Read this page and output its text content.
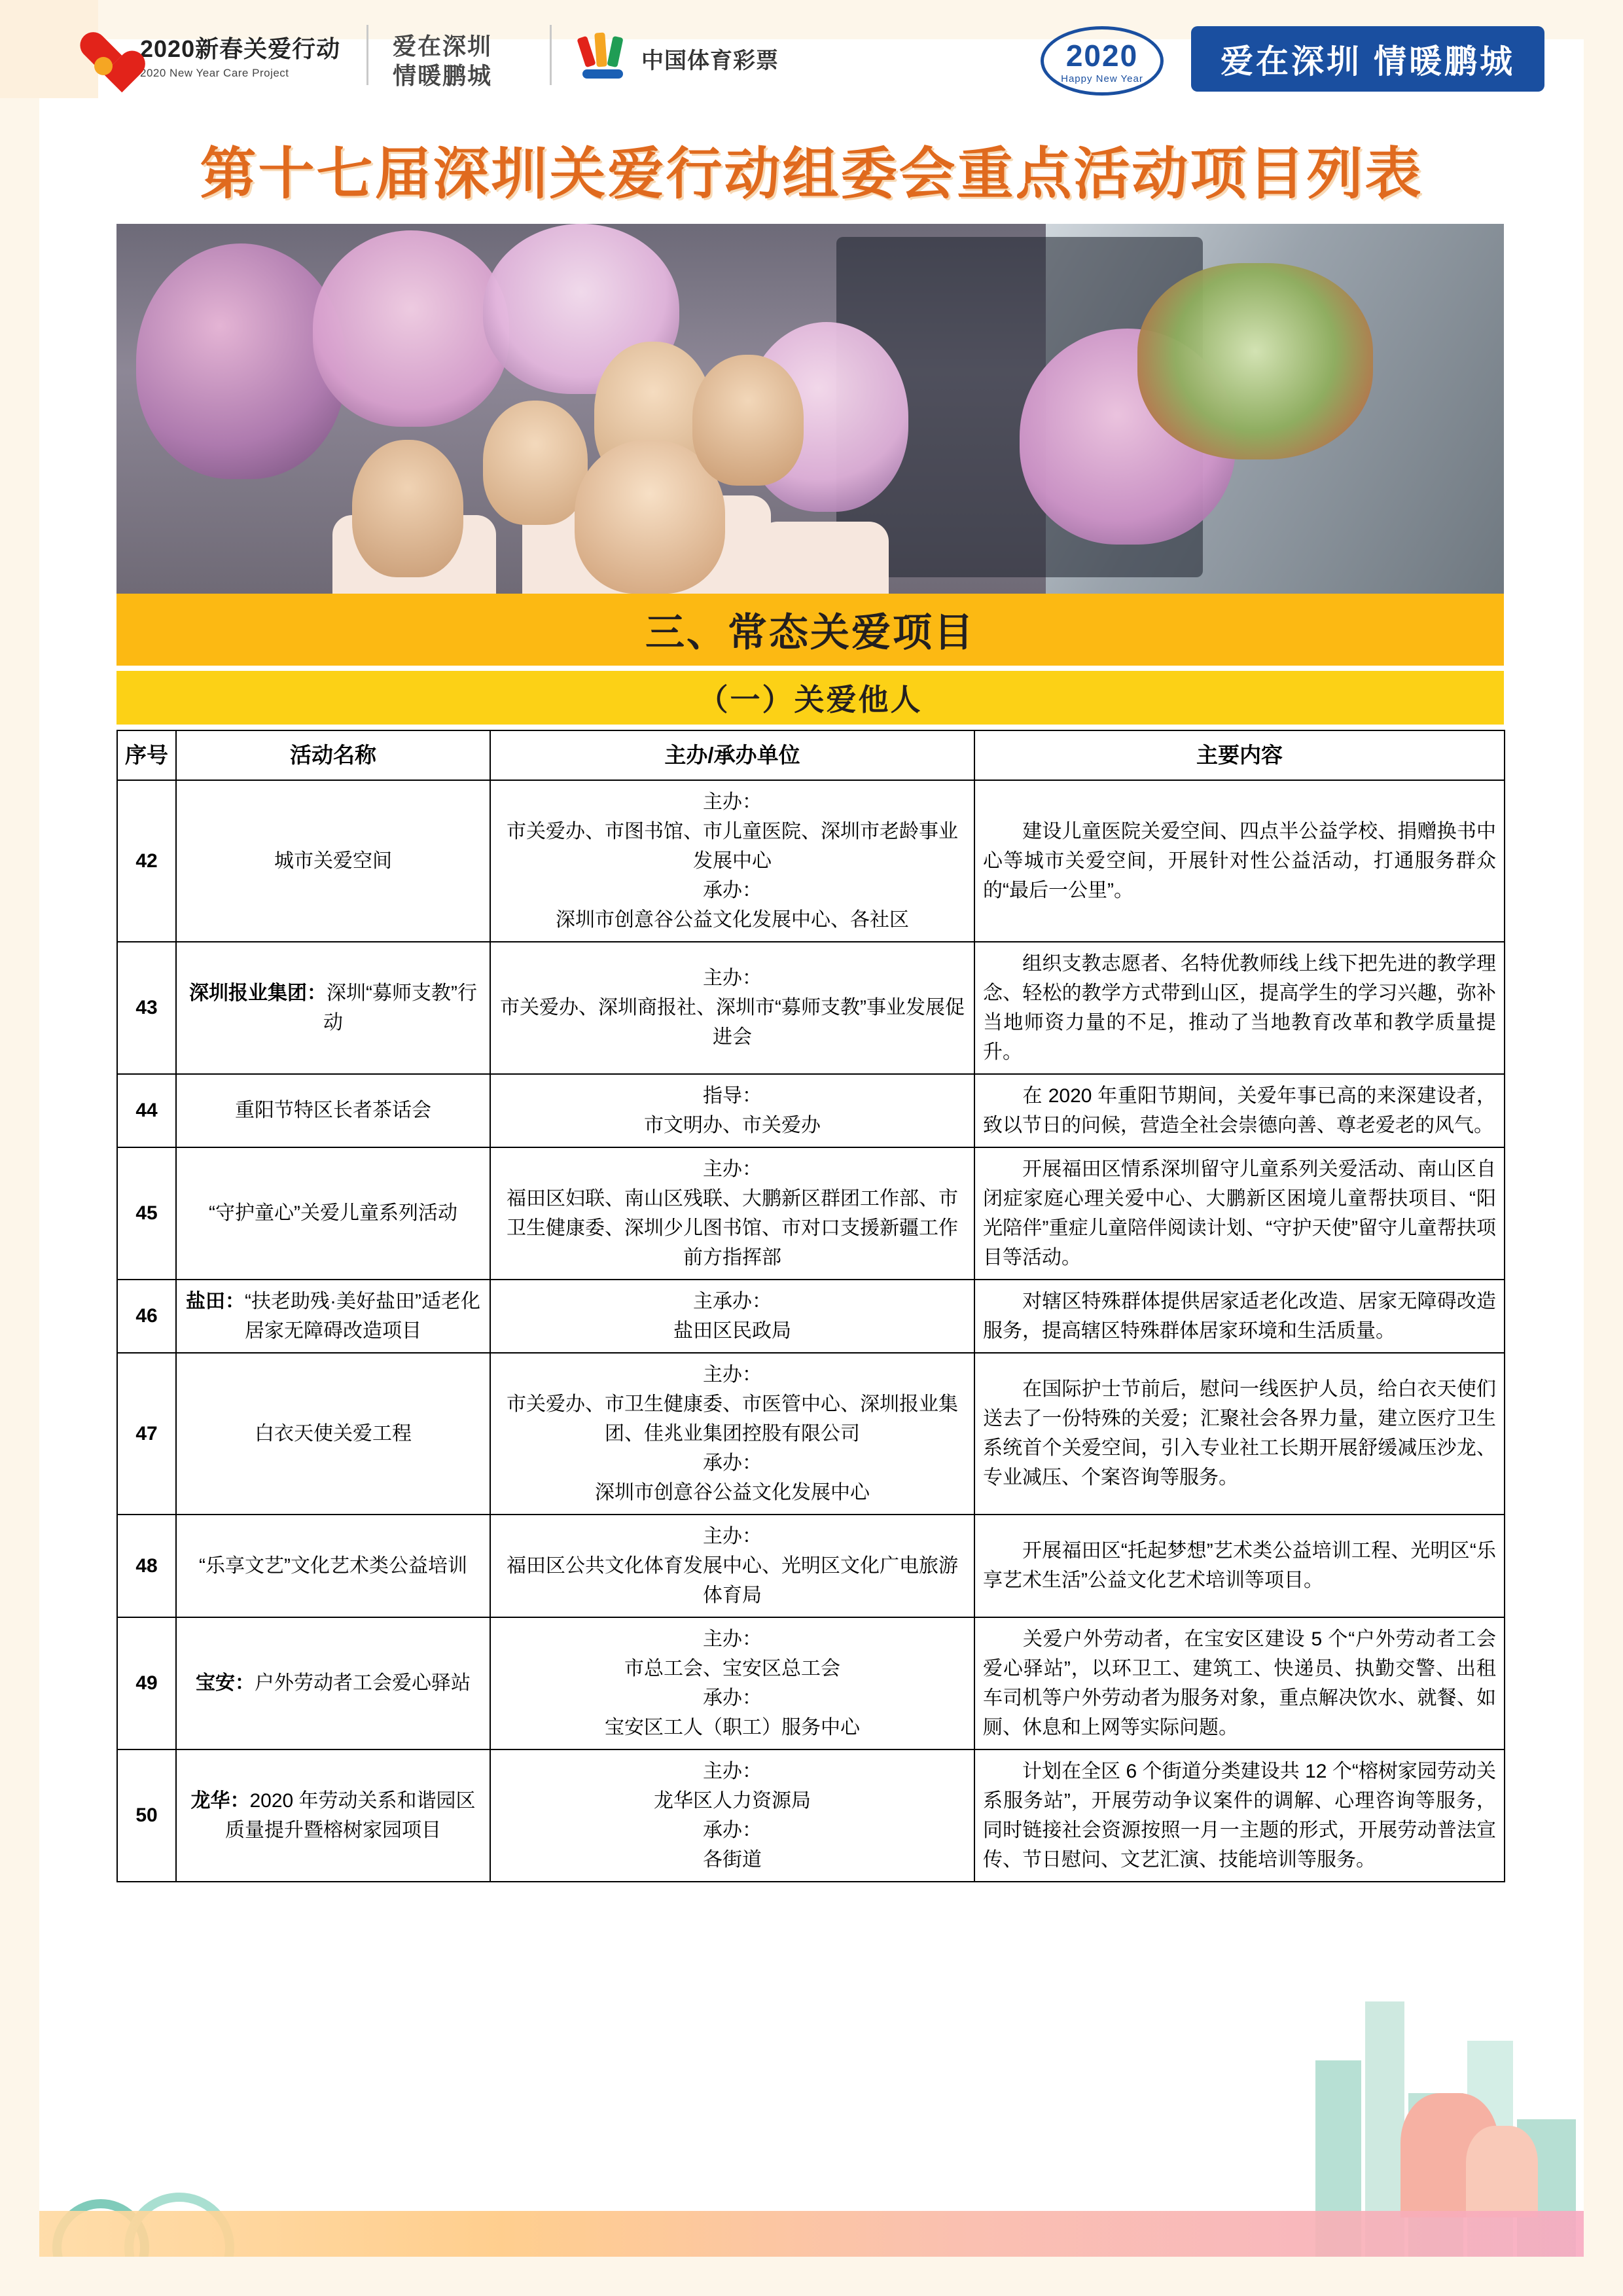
2020新春关爱行动
2020 New Year Care Project
爱在深圳
情暖鹏城
中国体育彩票	2020
Happy New Year	爱在深圳 情暖鹏城
第十七届深圳关爱行动组委会重点活动项目列表
三、常态关爱项目
（一）关爱他人
序号	活动名称	主办/承办单位	主要内容
42	城市关爱空间	主办：
市关爱办、市图书馆、市儿童医院、深圳市老龄事业发展中心
承办：
深圳市创意谷公益文化发展中心、各社区	建设儿童医院关爱空间、四点半公益学校、捐赠换书中心等城市关爱空间，开展针对性公益活动，打通服务群众的“最后一公里”。
43	深圳报业集团：深圳“募师支教”行动	主办：
市关爱办、深圳商报社、深圳市“募师支教”事业发展促进会	组织支教志愿者、名特优教师线上线下把先进的教学理念、轻松的教学方式带到山区，提高学生的学习兴趣，弥补当地师资力量的不足，推动了当地教育改革和教学质量提升。
44	重阳节特区长者茶话会	指导：
市文明办、市关爱办	在 2020 年重阳节期间，关爱年事已高的来深建设者，致以节日的问候，营造全社会崇德向善、尊老爱老的风气。
45	“守护童心”关爱儿童系列活动	主办：
福田区妇联、南山区残联、大鹏新区群团工作部、市卫生健康委、深圳少儿图书馆、市对口支援新疆工作前方指挥部	开展福田区情系深圳留守儿童系列关爱活动、南山区自闭症家庭心理关爱中心、大鹏新区困境儿童帮扶项目、“阳光陪伴”重症儿童陪伴阅读计划、“守护天使”留守儿童帮扶项目等活动。
46	盐田：“扶老助残·美好盐田”适老化居家无障碍改造项目	主承办：
盐田区民政局	对辖区特殊群体提供居家适老化改造、居家无障碍改造服务，提高辖区特殊群体居家环境和生活质量。
47	白衣天使关爱工程	主办：
市关爱办、市卫生健康委、市医管中心、深圳报业集团、佳兆业集团控股有限公司
承办：
深圳市创意谷公益文化发展中心	在国际护士节前后，慰问一线医护人员，给白衣天使们送去了一份特殊的关爱；汇聚社会各界力量，建立医疗卫生系统首个关爱空间，引入专业社工长期开展舒缓减压沙龙、专业减压、个案咨询等服务。
48	“乐享文艺”文化艺术类公益培训	主办：
福田区公共文化体育发展中心、光明区文化广电旅游体育局	开展福田区“托起梦想”艺术类公益培训工程、光明区“乐享艺术生活”公益文化艺术培训等项目。
49	宝安：户外劳动者工会爱心驿站	主办：
市总工会、宝安区总工会
承办：
宝安区工人（职工）服务中心	关爱户外劳动者，在宝安区建设 5 个“户外劳动者工会爱心驿站”，以环卫工、建筑工、快递员、执勤交警、出租车司机等户外劳动者为服务对象，重点解决饮水、就餐、如厕、休息和上网等实际问题。
50	龙华：2020 年劳动关系和谐园区质量提升暨榕树家园项目	主办：
龙华区人力资源局
承办：
各街道	计划在全区 6 个街道分类建设共 12 个“榕树家园劳动关系服务站”，开展劳动争议案件的调解、心理咨询等服务，同时链接社会资源按照一月一主题的形式，开展劳动普法宣传、节日慰问、文艺汇演、技能培训等服务。
